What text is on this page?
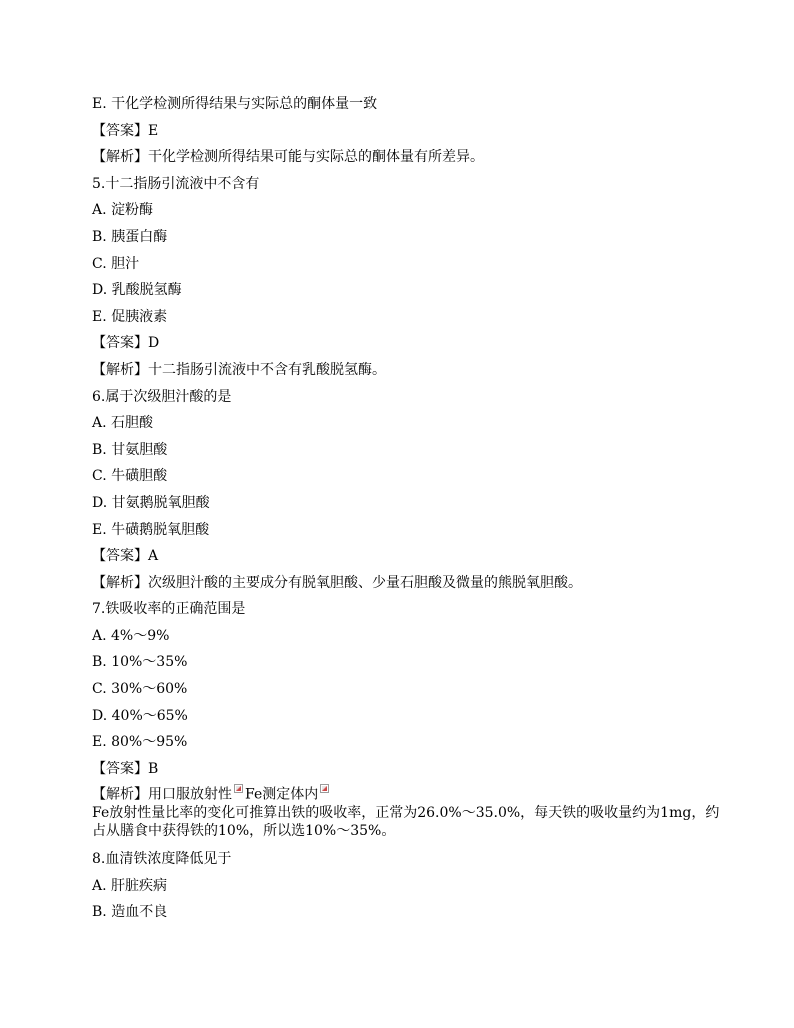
E. 干化学检测所得结果与实际总的酮体量一致
【答案】E
【解析】干化学检测所得结果可能与实际总的酮体量有所差异。
5.十二指肠引流液中不含有
A. 淀粉酶
B. 胰蛋白酶
C. 胆汁
D. 乳酸脱氢酶
E. 促胰液素
【答案】D
【解析】十二指肠引流液中不含有乳酸脱氢酶。
6.属于次级胆汁酸的是
A. 石胆酸
B. 甘氨胆酸
C. 牛磺胆酸
D. 甘氨鹅脱氧胆酸
E. 牛磺鹅脱氧胆酸
【答案】A
【解析】次级胆汁酸的主要成分有脱氧胆酸、少量石胆酸及微量的熊脱氧胆酸。
7.铁吸收率的正确范围是
A. 4%～9%
B. 10%～35%
C. 30%～60%
D. 40%～65%
E. 80%～95%
【答案】B
【解析】用口服放射性 Fe测定体内
Fe放射性量比率的变化可推算出铁的吸收率，正常为26.0%～35.0%，每天铁的吸收量约为1mg，约占从膳食中获得铁的10%，所以选10%～35%。
8.血清铁浓度降低见于
A. 肝脏疾病
B. 造血不良
